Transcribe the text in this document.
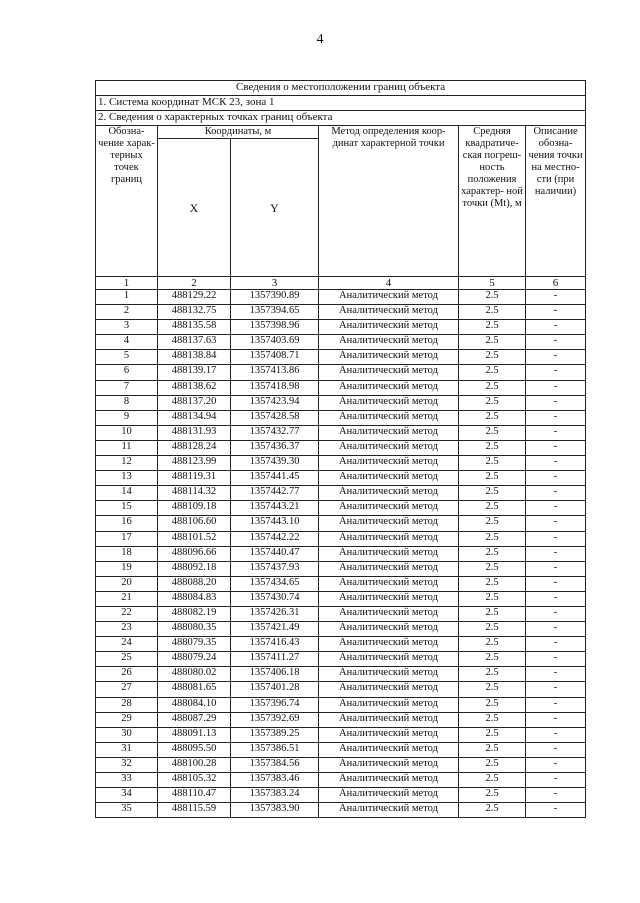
4
Сведения о местоположении границ объекта					
1. Система координат МСК 23, зона 1					
2. Сведения о характерных точках границ объекта					
Обозна- чение харак- терных точек границ	Координаты, м		Метод определения коор- динат характерной точки	Средняя квадратиче- ская погреш- ность положения характер- ной точки (Mt), м	Описание обозна- чения точки на местно- сти (при наличии)
	X	Y			
1	2	3	4	5	6
1	488129.22	1357390.89	Аналитический метод	2.5	-
2	488132.75	1357394.65	Аналитический метод	2.5	-
3	488135.58	1357398.96	Аналитический метод	2.5	-
4	488137.63	1357403.69	Аналитический метод	2.5	-
5	488138.84	1357408.71	Аналитический метод	2.5	-
6	488139.17	1357413.86	Аналитический метод	2.5	-
7	488138.62	1357418.98	Аналитический метод	2.5	-
8	488137.20	1357423.94	Аналитический метод	2.5	-
9	488134.94	1357428.58	Аналитический метод	2.5	-
10	488131.93	1357432.77	Аналитический метод	2.5	-
11	488128.24	1357436.37	Аналитический метод	2.5	-
12	488123.99	1357439.30	Аналитический метод	2.5	-
13	488119.31	1357441.45	Аналитический метод	2.5	-
14	488114.32	1357442.77	Аналитический метод	2.5	-
15	488109.18	1357443.21	Аналитический метод	2.5	-
16	488106.60	1357443.10	Аналитический метод	2.5	-
17	488101.52	1357442.22	Аналитический метод	2.5	-
18	488096.66	1357440.47	Аналитический метод	2.5	-
19	488092.18	1357437.93	Аналитический метод	2.5	-
20	488088.20	1357434.65	Аналитический метод	2.5	-
21	488084.83	1357430.74	Аналитический метод	2.5	-
22	488082.19	1357426.31	Аналитический метод	2.5	-
23	488080.35	1357421.49	Аналитический метод	2.5	-
24	488079.35	1357416.43	Аналитический метод	2.5	-
25	488079.24	1357411.27	Аналитический метод	2.5	-
26	488080.02	1357406.18	Аналитический метод	2.5	-
27	488081.65	1357401.28	Аналитический метод	2.5	-
28	488084.10	1357396.74	Аналитический метод	2.5	-
29	488087.29	1357392.69	Аналитический метод	2.5	-
30	488091.13	1357389.25	Аналитический метод	2.5	-
31	488095.50	1357386.51	Аналитический метод	2.5	-
32	488100.28	1357384.56	Аналитический метод	2.5	-
33	488105.32	1357383.46	Аналитический метод	2.5	-
34	488110.47	1357383.24	Аналитический метод	2.5	-
35	488115.59	1357383.90	Аналитический метод	2.5	-
